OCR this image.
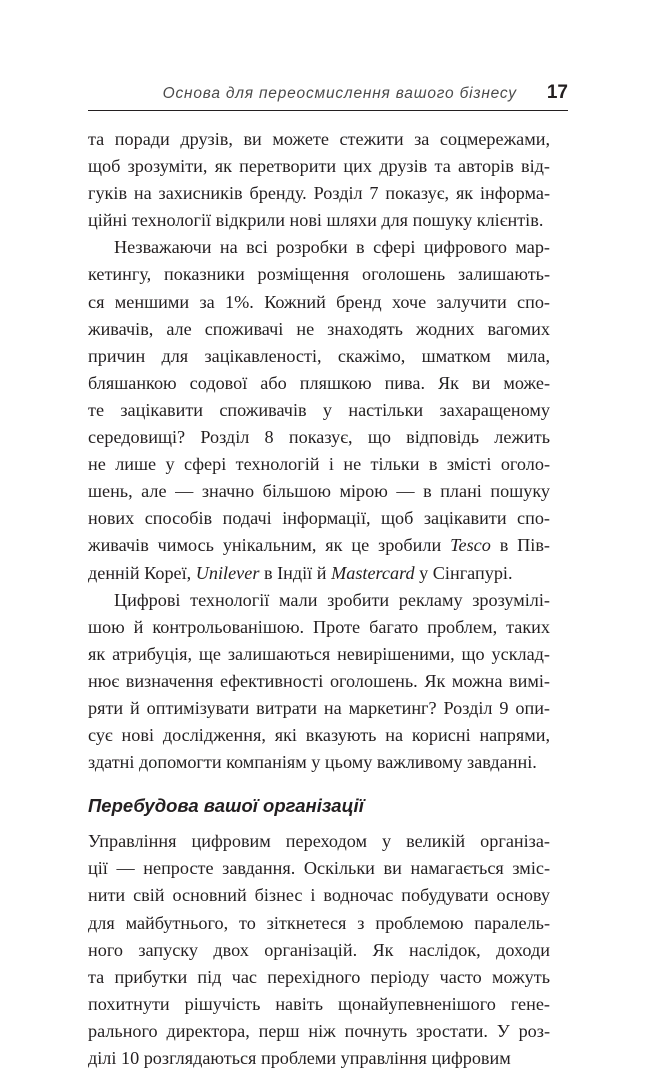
Основа для переосмислення вашого бізнесу	17

та поради друзів, ви можете стежити за соцмережами,
щоб зрозуміти, як перетворити цих друзів та авторів від-
гуків на захисників бренду. Розділ 7 показує, як інформа-
ційні технології відкрили нові шляхи для пошуку клієнтів.

Незважаючи на всі розробки в сфері цифрового мар-
кетингу, показники розміщення оголошень залишають-
ся меншими за 1%. Кожний бренд хоче залучити спо-
живачів, але споживачі не знаходять жодних вагомих
причин для зацікавленості, скажімо, шматком мила,
бляшанкою содової або пляшкою пива. Як ви може-
те зацікавити споживачів у настільки захаращеному
середовищі? Розділ 8 показує, що відповідь лежить
не лише у сфері технологій і не тільки в змісті оголо-
шень, але — значно більшою мірою — в плані пошуку
нових способів подачі інформації, щоб зацікавити спо-
живачів чимось унікальним, як це зробили Tesco в Пів-
денній Кореї, Unilever в Індії й Mastercard у Сінгапурі.

Цифрові технології мали зробити рекламу зрозумілі-
шою й контрольованішою. Проте багато проблем, таких
як атрибуція, ще залишаються невирішеними, що усклад-
нює визначення ефективності оголошень. Як можна вимі-
ряти й оптимізувати витрати на маркетинг? Розділ 9 опи-
сує нові дослідження, які вказують на корисні напрями,
здатні допомогти компаніям у цьому важливому завданні.

Перебудова вашої організації

Управління цифровим переходом у великій організа-
ції — непросте завдання. Оскільки ви намагається зміс-
нити свій основний бізнес і водночас побудувати основу
для майбутнього, то зіткнетеся з проблемою паралель-
ного запуску двох організацій. Як наслідок, доходи
та прибутки під час перехідного періоду часто можуть
похитнути рішучість навіть щонайупевненішого гене-
рального директора, перш ніж почнуть зростати. У роз-
ділі 10 розглядаються проблеми управління цифровим
